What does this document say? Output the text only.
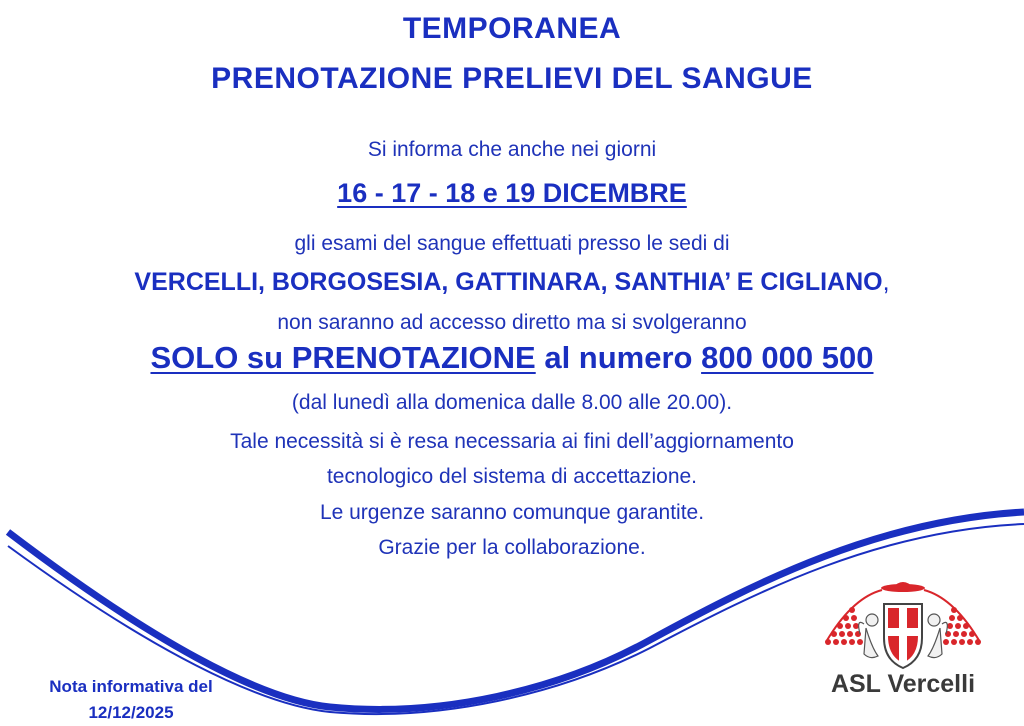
TEMPORANEA
PRENOTAZIONE PRELIEVI DEL SANGUE
Si informa che anche nei giorni
16 - 17 - 18 e 19 DICEMBRE
gli esami del sangue effettuati presso le sedi di
VERCELLI, BORGOSESIA, GATTINARA, SANTHIA’ E CIGLIANO,
non saranno ad accesso diretto ma si svolgeranno
SOLO su PRENOTAZIONE al numero 800 000 500
(dal lunedì alla domenica dalle 8.00 alle 20.00).
Tale necessità si è resa necessaria ai fini dell’aggiornamento
tecnologico del sistema di accettazione.
Le urgenze saranno comunque garantite.
Grazie per la collaborazione.
Nota informativa del
12/12/2025
ASL Vercelli
